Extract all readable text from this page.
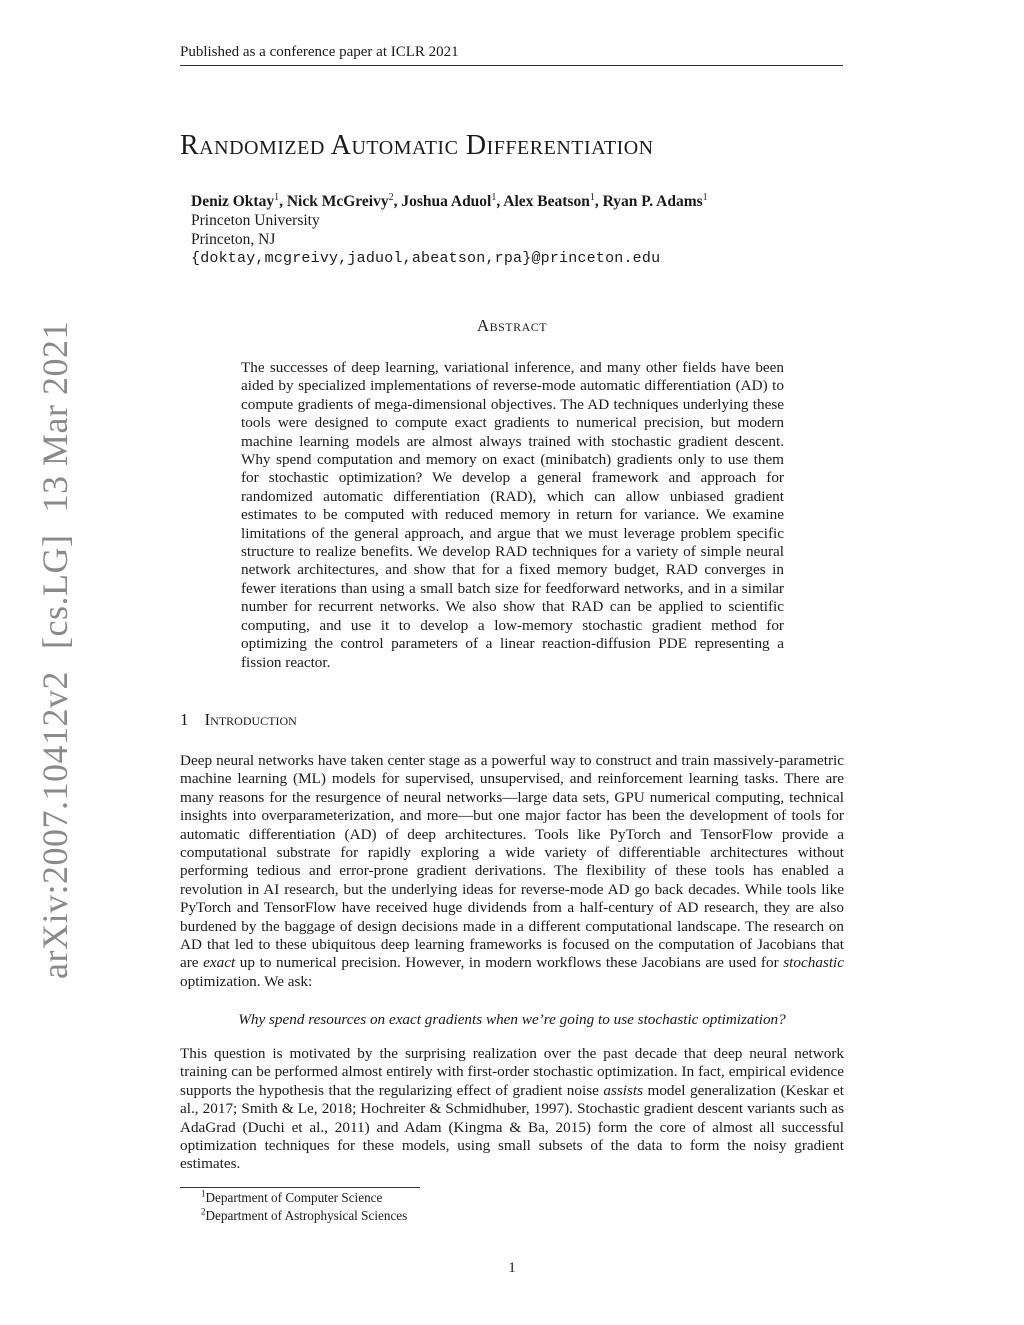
Published as a conference paper at ICLR 2021
Randomized Automatic Differentiation
Deniz Oktay$^1$, Nick McGreivy$^2$, Joshua Aduol$^1$, Alex Beatson$^1$, Ryan P. Adams$^1$
Princeton University
Princeton, NJ
{doktay,mcgreivy,jaduol,abeatson,rpa}@princeton.edu
Abstract
The successes of deep learning, variational inference, and many other fields have been aided by specialized implementations of reverse-mode automatic differentiation (AD) to compute gradients of mega-dimensional objectives. The AD techniques underlying these tools were designed to compute exact gradients to numerical precision, but modern machine learning models are almost always trained with stochastic gradient descent. Why spend computation and memory on exact (minibatch) gradients only to use them for stochastic optimization? We develop a general framework and approach for randomized automatic differentiation (RAD), which can allow unbiased gradient estimates to be computed with reduced memory in return for variance. We examine limitations of the general approach, and argue that we must leverage problem specific structure to realize benefits. We develop RAD techniques for a variety of simple neural network architectures, and show that for a fixed memory budget, RAD converges in fewer iterations than using a small batch size for feedforward networks, and in a similar number for recurrent networks. We also show that RAD can be applied to scientific computing, and use it to develop a low-memory stochastic gradient method for optimizing the control parameters of a linear reaction-diffusion PDE representing a fission reactor.
1 Introduction
Deep neural networks have taken center stage as a powerful way to construct and train massively-parametric machine learning (ML) models for supervised, unsupervised, and reinforcement learning tasks. There are many reasons for the resurgence of neural networks—large data sets, GPU numerical computing, technical insights into overparameterization, and more—but one major factor has been the development of tools for automatic differentiation (AD) of deep architectures. Tools like PyTorch and TensorFlow provide a computational substrate for rapidly exploring a wide variety of differentiable architectures without performing tedious and error-prone gradient derivations. The flexibility of these tools has enabled a revolution in AI research, but the underlying ideas for reverse-mode AD go back decades. While tools like PyTorch and TensorFlow have received huge dividends from a half-century of AD research, they are also burdened by the baggage of design decisions made in a different computational landscape. The research on AD that led to these ubiquitous deep learning frameworks is focused on the computation of Jacobians that are exact up to numerical precision. However, in modern workflows these Jacobians are used for stochastic optimization. We ask:
Why spend resources on exact gradients when we’re going to use stochastic optimization?
This question is motivated by the surprising realization over the past decade that deep neural network training can be performed almost entirely with first-order stochastic optimization. In fact, empirical evidence supports the hypothesis that the regularizing effect of gradient noise assists model generalization (Keskar et al., 2017; Smith & Le, 2018; Hochreiter & Schmidhuber, 1997). Stochastic gradient descent variants such as AdaGrad (Duchi et al., 2011) and Adam (Kingma & Ba, 2015) form the core of almost all successful optimization techniques for these models, using small subsets of the data to form the noisy gradient estimates.
$^1$Department of Computer Science
$^2$Department of Astrophysical Sciences
1
arXiv:2007.10412v2[cs.LG]13 Mar 2021
